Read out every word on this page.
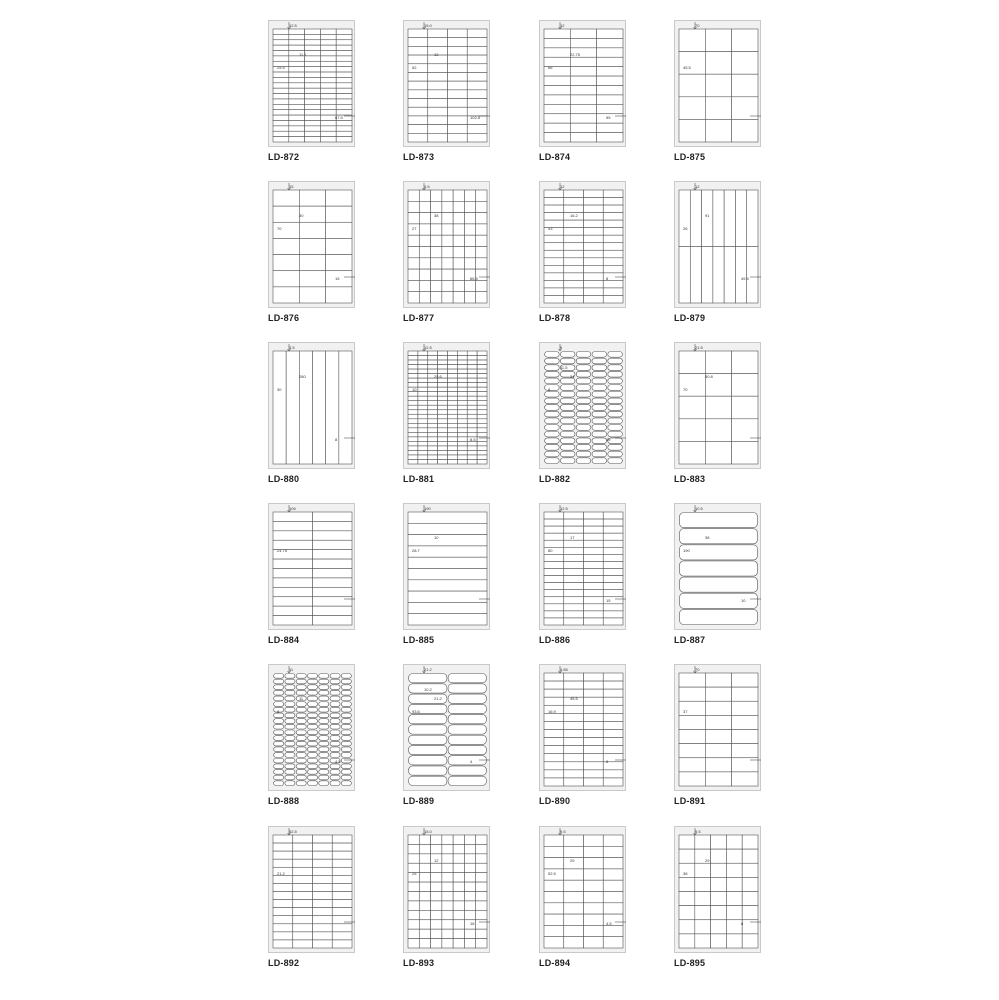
12.5
25.5
11.1
67.5
LD-872
15.0
52
12
102.5
LD-873
12
66
22.75
55
LD-874
70
45.5
LD-875
15
70
30
15
LD-876
4.5
27
38
66.5
LD-877
12
43
16.2
8
LD-878
12
26
91
49.5
LD-879
3.5
30
280
8
LD-880
12.5
10
25.6
8.5
LD-881
9
8
34
19
11.5
LD-882
21.5
70
50.8
LD-883
105
24.75
LD-884
190
28.7
10
LD-885
12.5
80
17
15
LD-886
10.5
190
38
10
LD-887
11
8
11
4.5
LD-888
21.2
93.6
21.2
4
10.2
LD-889
4.65
16.9
45.5
8
LD-890
70
37
LD-891
52.5
21.2
LD-892
15.0
25
12
16
LD-893
9.5
52.5
29
4.5
LD-894
9.5
38
29
8
LD-895
